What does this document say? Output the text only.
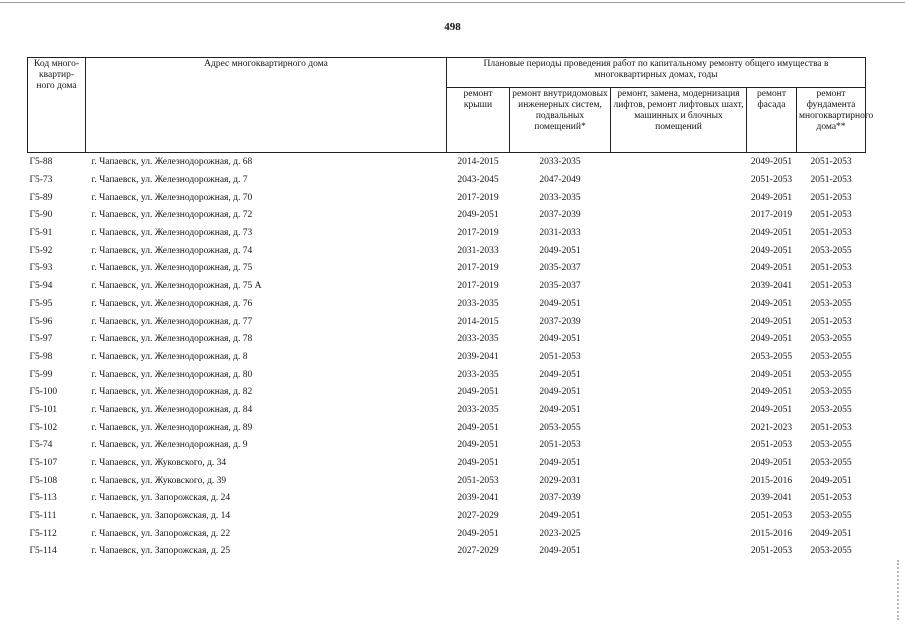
498
Код много-квартир-ного дома	Адрес многоквартирного дома	Плановые периоды проведения работ по капитальному ремонту общего имущества в многоквартирных домах, годы				
		ремонт крыши	ремонт внутридомовых инженерных систем, подвальных помещений*	ремонт, замена, модернизация лифтов, ремонт лифтовых шахт, машинных и блочных помещений	ремонт фасада	ремонт фундамента многоквартирного дома**
Г5-88	г. Чапаевск, ул. Железнодорожная, д. 68	2014-2015	2033-2035		2049-2051	2051-2053
Г5-73	г. Чапаевск, ул. Железнодорожная, д. 7	2043-2045	2047-2049		2051-2053	2051-2053
Г5-89	г. Чапаевск, ул. Железнодорожная, д. 70	2017-2019	2033-2035		2049-2051	2051-2053
Г5-90	г. Чапаевск, ул. Железнодорожная, д. 72	2049-2051	2037-2039		2017-2019	2051-2053
Г5-91	г. Чапаевск, ул. Железнодорожная, д. 73	2017-2019	2031-2033		2049-2051	2051-2053
Г5-92	г. Чапаевск, ул. Железнодорожная, д. 74	2031-2033	2049-2051		2049-2051	2053-2055
Г5-93	г. Чапаевск, ул. Железнодорожная, д. 75	2017-2019	2035-2037		2049-2051	2051-2053
Г5-94	г. Чапаевск, ул. Железнодорожная, д. 75 А	2017-2019	2035-2037		2039-2041	2051-2053
Г5-95	г. Чапаевск, ул. Железнодорожная, д. 76	2033-2035	2049-2051		2049-2051	2053-2055
Г5-96	г. Чапаевск, ул. Железнодорожная, д. 77	2014-2015	2037-2039		2049-2051	2051-2053
Г5-97	г. Чапаевск, ул. Железнодорожная, д. 78	2033-2035	2049-2051		2049-2051	2053-2055
Г5-98	г. Чапаевск, ул. Железнодорожная, д. 8	2039-2041	2051-2053		2053-2055	2053-2055
Г5-99	г. Чапаевск, ул. Железнодорожная, д. 80	2033-2035	2049-2051		2049-2051	2053-2055
Г5-100	г. Чапаевск, ул. Железнодорожная, д. 82	2049-2051	2049-2051		2049-2051	2053-2055
Г5-101	г. Чапаевск, ул. Железнодорожная, д. 84	2033-2035	2049-2051		2049-2051	2053-2055
Г5-102	г. Чапаевск, ул. Железнодорожная, д. 89	2049-2051	2053-2055		2021-2023	2051-2053
Г5-74	г. Чапаевск, ул. Железнодорожная, д. 9	2049-2051	2051-2053		2051-2053	2053-2055
Г5-107	г. Чапаевск, ул. Жуковского, д. 34	2049-2051	2049-2051		2049-2051	2053-2055
Г5-108	г. Чапаевск, ул. Жуковского, д. 39	2051-2053	2029-2031		2015-2016	2049-2051
Г5-113	г. Чапаевск, ул. Запорожская, д. 24	2039-2041	2037-2039		2039-2041	2051-2053
Г5-111	г. Чапаевск, ул. Запорожская, д. 14	2027-2029	2049-2051		2051-2053	2053-2055
Г5-112	г. Чапаевск, ул. Запорожская, д. 22	2049-2051	2023-2025		2015-2016	2049-2051
Г5-114	г. Чапаевск, ул. Запорожская, д. 25	2027-2029	2049-2051		2051-2053	2053-2055
